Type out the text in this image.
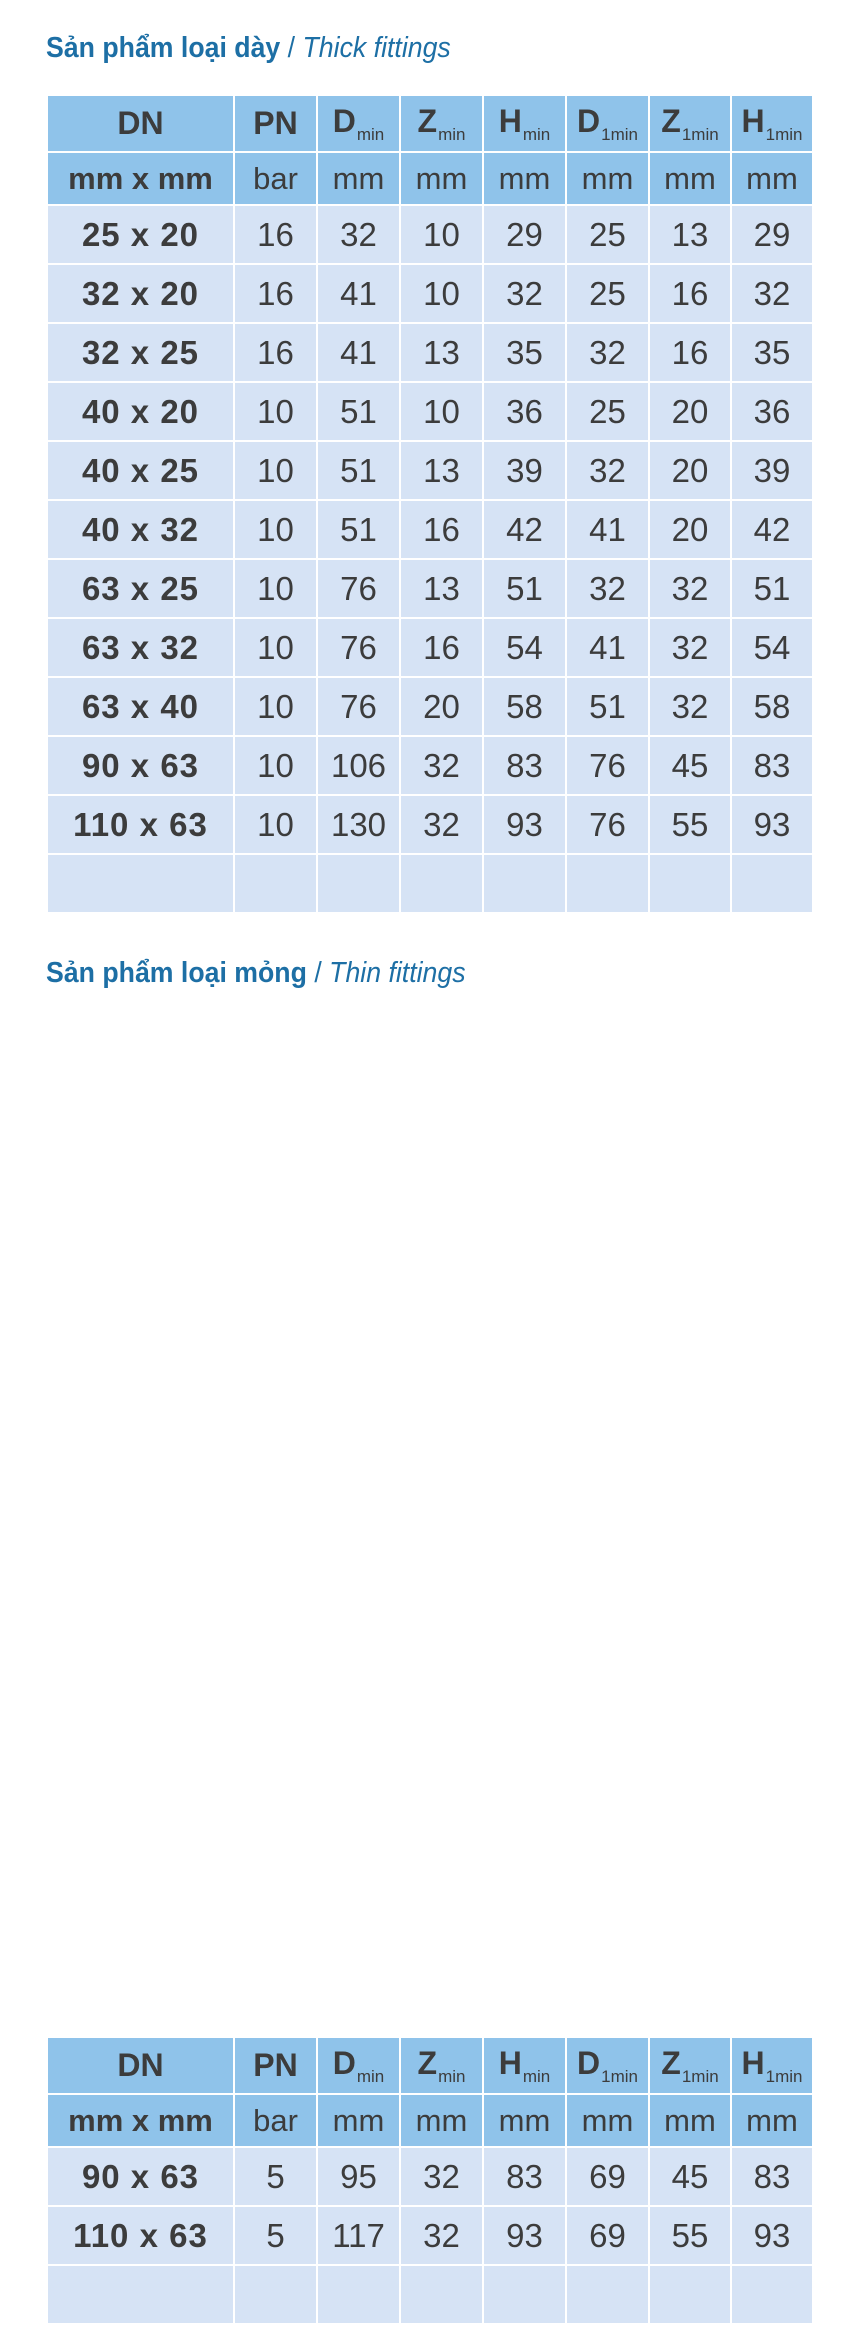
Sản phẩm loại dày / Thick fittings
DN	PN	$D_{min}$	$Z_{min}$	$H_{min}$	$D_{1min}$	$Z_{1min}$	$H_{1min}$
mm x mm	bar	mm	mm	mm	mm	mm	mm
25 x 20	16	32	10	29	25	13	29
32 x 20	16	41	10	32	25	16	32
32 x 25	16	41	13	35	32	16	35
40 x 20	10	51	10	36	25	20	36
40 x 25	10	51	13	39	32	20	39
40 x 32	10	51	16	42	41	20	42
63 x 25	10	76	13	51	32	32	51
63 x 32	10	76	16	54	41	32	54
63 x 40	10	76	20	58	51	32	58
90 x 63	10	106	32	83	76	45	83
110 x 63	10	130	32	93	76	55	93

Sản phẩm loại mỏng / Thin fittings
DN	PN	$D_{min}$	$Z_{min}$	$H_{min}$	$D_{1min}$	$Z_{1min}$	$H_{1min}$
mm x mm	bar	mm	mm	mm	mm	mm	mm
90 x 63	5	95	32	83	69	45	83
110 x 63	5	117	32	93	69	55	93
